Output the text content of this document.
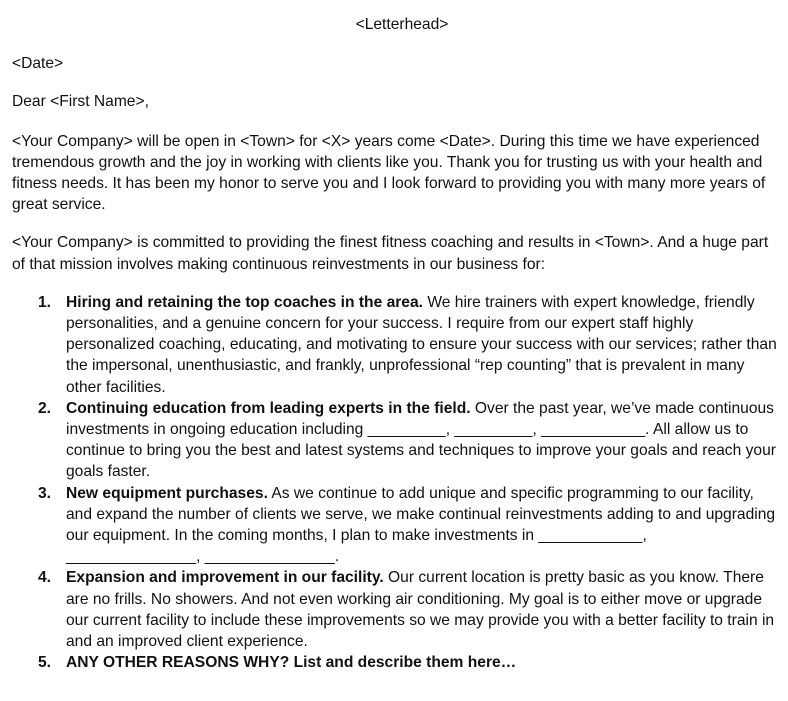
<Letterhead>
<Date>
Dear <First Name>,

<Your Company> will be open in <Town> for <X> years come <Date>. During this time we have experienced tremendous growth and the joy in working with clients like you. Thank you for trusting us with your health and fitness needs. It has been my honor to serve you and I look forward to providing you with many more years of great service.

<Your Company> is committed to providing the finest fitness coaching and results in <Town>. And a huge part of that mission involves making continuous reinvestments in our business for:

1. Hiring and retaining the top coaches in the area. We hire trainers with expert knowledge, friendly personalities, and a genuine concern for your success. I require from our expert staff highly personalized coaching, educating, and motivating to ensure your success with our services; rather than the impersonal, unenthusiastic, and frankly, unprofessional “rep counting” that is prevalent in many other facilities.
2. Continuing education from leading experts in the field. Over the past year, we’ve made continuous investments in ongoing education including _________, _________, ____________. All allow us to continue to bring you the best and latest systems and techniques to improve your goals and reach your goals faster.
3. New equipment purchases. As we continue to add unique and specific programming to our facility, and expand the number of clients we serve, we make continual reinvestments adding to and upgrading our equipment. In the coming months, I plan to make investments in ____________, _______________, _______________.
4. Expansion and improvement in our facility. Our current location is pretty basic as you know. There are no frills. No showers. And not even working air conditioning. My goal is to either move or upgrade our current facility to include these improvements so we may provide you with a better facility to train in and an improved client experience.
5. ANY OTHER REASONS WHY? List and describe them here…
